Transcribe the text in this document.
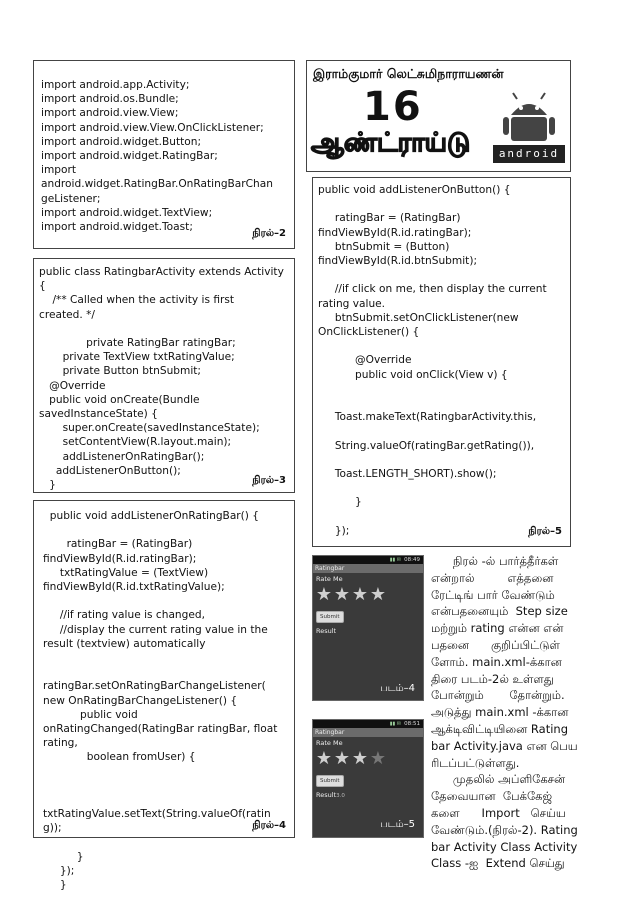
import android.app.Activity;
import android.os.Bundle;
import android.view.View;
import android.view.View.OnClickListener;
import android.widget.Button;
import android.widget.RatingBar;
import
android.widget.RatingBar.OnRatingBarChan
geListener;
import android.widget.TextView;
import android.widget.Toast;
நிரல்–2
public class RatingbarActivity extends Activity
{
/** Called when the activity is first
created. */

private RatingBar ratingBar;
private TextView txtRatingValue;
private Button btnSubmit;
@Override
public void onCreate(Bundle
savedInstanceState) {
super.onCreate(savedInstanceState);
setContentView(R.layout.main);
addListenerOnRatingBar();
addListenerOnButton();
}	நிரல்–3
public void addListenerOnRatingBar() {

ratingBar = (RatingBar)
findViewById(R.id.ratingBar);
txtRatingValue = (TextView)
findViewById(R.id.txtRatingValue);

//if rating value is changed,
//display the current rating value in the
result (textview) automatically

ratingBar.setOnRatingBarChangeListener(
new OnRatingBarChangeListener() {
public void
onRatingChanged(RatingBar ratingBar, float
rating,
boolean fromUser) {

txtRatingValue.setText(String.valueOf(ratin
g));

}
});
}
நிரல்–4
இராம்குமார் லெட்சுமிநாராயணன்
16
ஆண்ட்ராய்டு	android
public void addListenerOnButton() {

ratingBar = (RatingBar)
findViewById(R.id.ratingBar);
btnSubmit = (Button)
findViewById(R.id.btnSubmit);

//if click on me, then display the current
rating value.
btnSubmit.setOnClickListener(new
OnClickListener() {

@Override
public void onClick(View v) {

Toast.makeText(RatingbarActivity.this,

String.valueOf(ratingBar.getRating()),

Toast.LENGTH_SHORT).show();

}

});	நிரல்–5
▮▮ ✉ 08:49
Ratingbar
Rate Me
★ ★ ★ ★
Submit
Result
படம்–4
▮▮ ✉ 08:51
Ratingbar
Rate Me
★ ★ ★ ★
Submit
Result3.0
படம்–5
நிரல் -ல் பார்த்தீர்கள்
என்றால்         எத்தனை
ரேட்டிங் பார் வேண்டும்
என்பதனையும்  Step size
மற்றும் rating என்ன என்
பதனை      குறிப்பிட்டுள்
ளோம். main.xml-க்கான
திரை படம்-2ல் உள்ளது
போன்றும்       தோன்றும்.
அடுத்து main.xml -க்கான
ஆக்டிவிட்டியினை Rating
bar Activity.java என பெய
ரிடப்பட்டுள்ளது.
முதலில் அப்ளிகேசன்
தேவையான  பேக்கேஜ்
களை      Import   செய்ய
வேண்டும்.(நிரல்-2). Rating
bar Activity Class Activity
Class -ஐ  Extend செய்து
